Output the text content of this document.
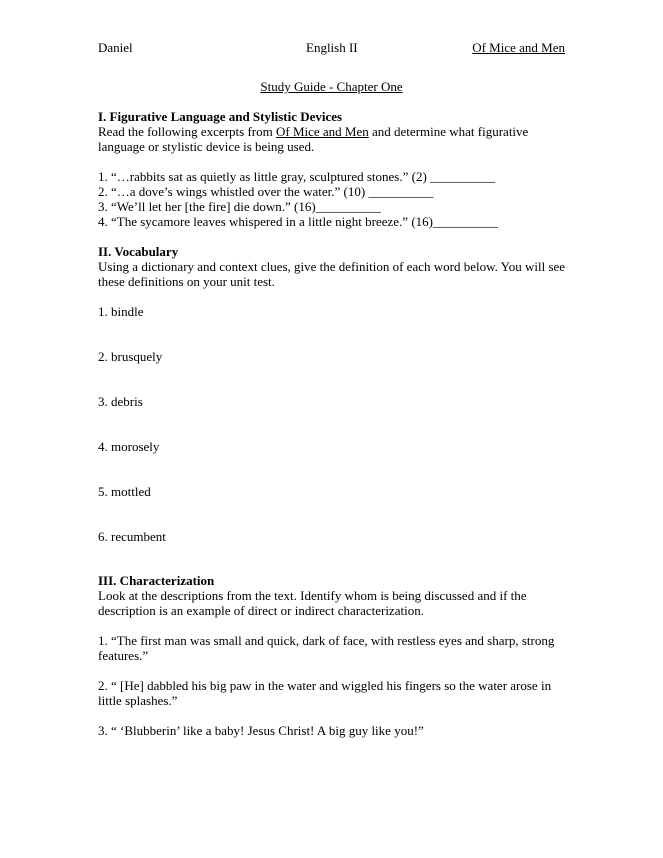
Daniel	English II	Of Mice and Men
Study Guide - Chapter One
I. Figurative Language and Stylistic Devices
Read the following excerpts from Of Mice and Men and determine what figurative
language or stylistic device is being used.
1. “…rabbits sat as quietly as little gray, sculptured stones.” (2) __________
2. “…a dove’s wings whistled over the water.” (10) __________
3. “We’ll let her [the fire] die down.” (16)__________
4. “The sycamore leaves whispered in a little night breeze.” (16)__________
II. Vocabulary
Using a dictionary and context clues, give the definition of each word below. You will see
these definitions on your unit test.
1. bindle
2. brusquely
3. debris
4. morosely
5. mottled
6. recumbent
III. Characterization
Look at the descriptions from the text. Identify whom is being discussed and if the
description is an example of direct or indirect characterization.
1. “The first man was small and quick, dark of face, with restless eyes and sharp, strong
features.”
2. “ [He] dabbled his big paw in the water and wiggled his fingers so the water arose in
little splashes.”
3. “ ‘Blubberin’ like a baby! Jesus Christ! A big guy like you!”
